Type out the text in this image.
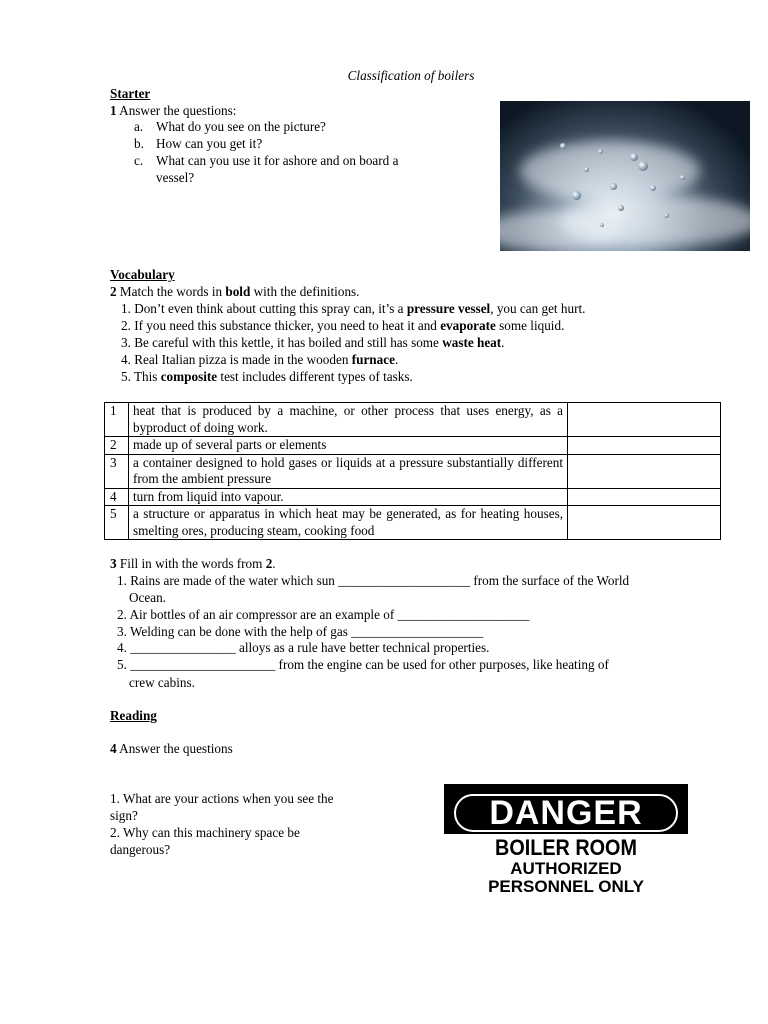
Classification of boilers
Starter
1 Answer the questions:
a. What do you see on the picture?
b. How can you get it?
c. What can you use it for ashore and on board a
vessel?
Vocabulary
2 Match the words in bold with the definitions.
1. Don’t even think about cutting this spray can, it’s a pressure vessel, you can get hurt.
2. If you need this substance thicker, you need to heat it and evaporate some liquid.
3. Be careful with this kettle, it has boiled and still has some waste heat.
4. Real Italian pizza is made in the wooden furnace.
5. This composite test includes different types of tasks.
1	heat that is produced by a machine, or other process that uses energy, as a byproduct of doing work.	
2	made up of several parts or elements	
3	a container designed to hold gases or liquids at a pressure substantially different from the ambient pressure	
4	turn from liquid into vapour.	
5	a structure or apparatus in which heat may be generated, as for heating houses, smelting ores, producing steam, cooking food	
3 Fill in with the words from 2.
1. Rains are made of the water which sun ____________________ from the surface of the World
Ocean.
2. Air bottles of an air compressor are an example of ____________________
3. Welding can be done with the help of gas ____________________
4. ________________ alloys as a rule have better technical properties.
5. ______________________ from the engine can be used for other purposes, like heating of
crew cabins.
Reading
4 Answer the questions
1. What are your actions when you see the
sign?
2. Why can this machinery space be
dangerous?
DANGER
BOILER ROOM
AUTHORIZED
PERSONNEL ONLY
